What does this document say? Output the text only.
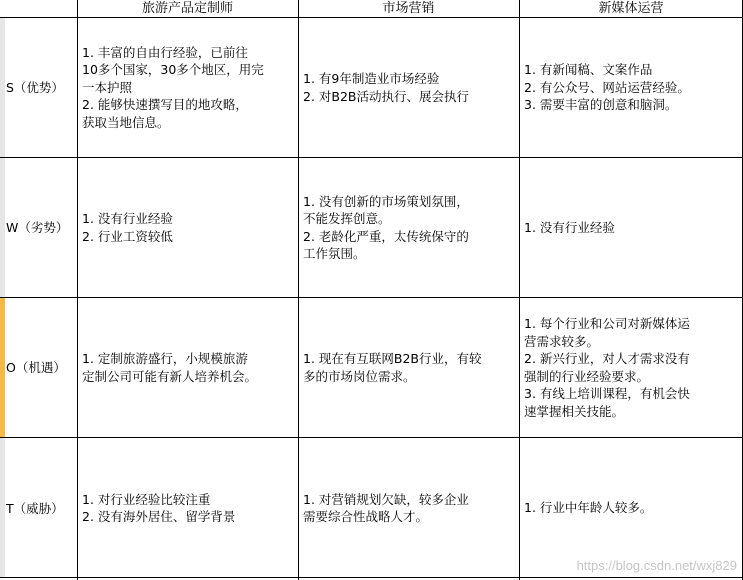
旅游产品定制师	市场营销	新媒体运营
S（优势）
1. 丰富的自由行经验，已前往
10多个国家，30多个地区，用完
一本护照
2. 能够快速撰写目的地攻略，
获取当地信息。
1. 有9年制造业市场经验
2. 对B2B活动执行、展会执行
1. 有新闻稿、文案作品
2. 有公众号、网站运营经验。
3. 需要丰富的创意和脑洞。
W（劣势）
1. 没有行业经验
2. 行业工资较低
1. 没有创新的市场策划氛围，
不能发挥创意。
2. 老龄化严重，太传统保守的
工作氛围。
1. 没有行业经验
O（机遇）
1. 定制旅游盛行，小规模旅游
定制公司可能有新人培养机会。
1. 现在有互联网B2B行业，有较
多的市场岗位需求。
1. 每个行业和公司对新媒体运
营需求较多。
2. 新兴行业，对人才需求没有
强制的行业经验要求。
3. 有线上培训课程，有机会快
速掌握相关技能。
T（威胁）
1. 对行业经验比较注重
2. 没有海外居住、留学背景
1. 对营销规划欠缺，较多企业
需要综合性战略人才。
1. 行业中年龄人较多。
https://blog.csdn.net/wxj829
